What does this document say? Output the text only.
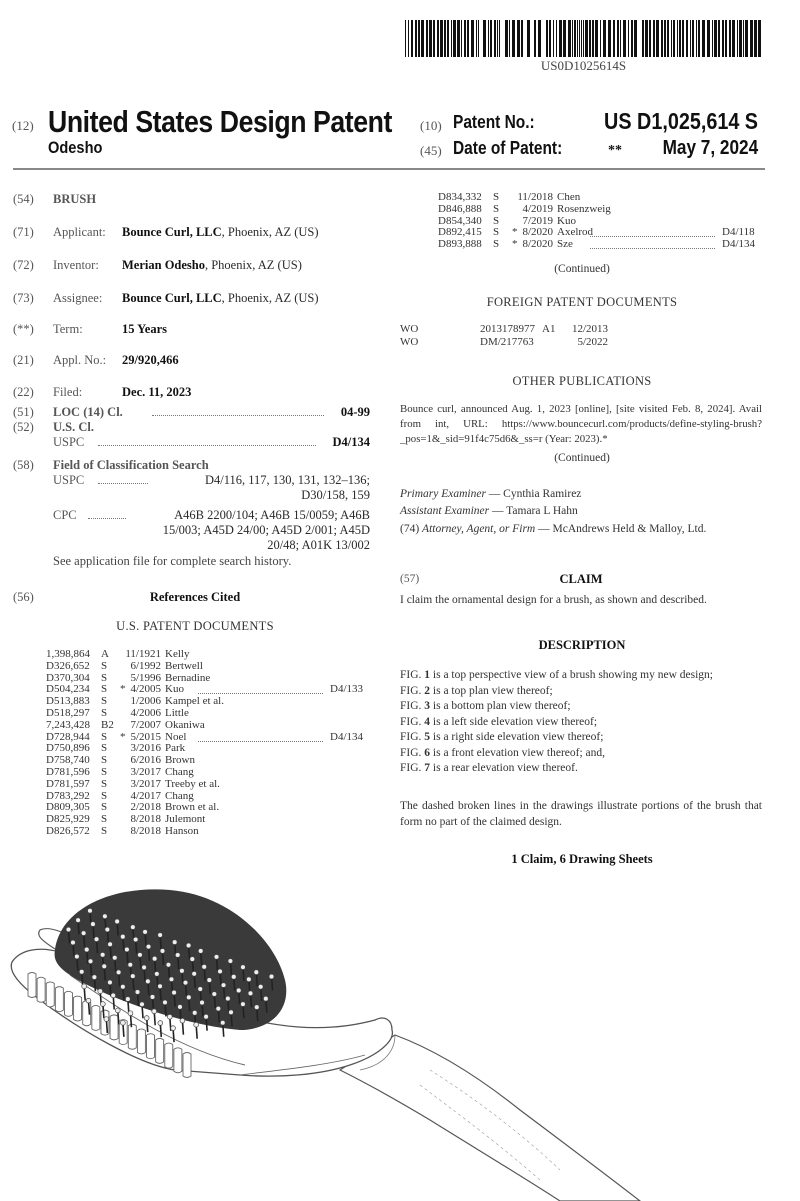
US0D1025614S
(12) United States Design Patent
Odesho
(10) Patent No.:	US D1,025,614 S
(45) Date of Patent:	** May 7, 2024
(54) BRUSH
(71) Applicant: Bounce Curl, LLC, Phoenix, AZ (US)
(72) Inventor: Merian Odesho, Phoenix, AZ (US)
(73) Assignee: Bounce Curl, LLC, Phoenix, AZ (US)
(**) Term:	15 Years
(21) Appl. No.: 29/920,466
(22) Filed:	Dec. 11, 2023
(51) LOC (14) Cl.	04-99
(52) U.S. Cl.
USPC	D4/134
(58) Field of Classification Search
USPC	D4/116, 117, 130, 131, 132–136;
D30/158, 159
CPC	A46B 2200/104; A46B 15/0059; A46B
15/003; A45D 24/00; A45D 2/001; A45D
20/48; A01K 13/002
See application file for complete search history.
(56)	References Cited
U.S. PATENT DOCUMENTS
1,398,864 A 11/1921 Kelly
D326,652 S	6/1992 Bertwell
D370,304 S	5/1996 Bernadine
D504,234 S * 4/2005 Kuo	D4/133
D513,883 S	1/2006 Kampel et al.
D518,297 S	4/2006 Little
7,243,428 B2	7/2007 Okaniwa
D728,944 S * 5/2015 Noel	D4/134
D750,896 S	3/2016 Park
D758,740 S	6/2016 Brown
D781,596 S	3/2017 Chang
D781,597 S	3/2017 Treeby et al.
D783,292 S	4/2017 Chang
D809,305 S	2/2018 Brown et al.
D825,929 S	8/2018 Julemont
D826,572 S	8/2018 Hanson
D834,332 S 11/2018 Chen
D846,888 S	4/2019 Rosenzweig
D854,340 S	7/2019 Kuo
D892,415 S * 8/2020 Axelrod	D4/118
D893,888 S * 8/2020 Sze	D4/134
(Continued)
FOREIGN PATENT DOCUMENTS
WO	2013178977 A1	12/2013
WO	DM/217763	5/2022
OTHER PUBLICATIONS
Bounce curl, announced Aug. 1, 2023 [online], [site visited Feb. 8, 2024]. Avail from int, URL: https://www.bouncecurl.com/products/define-styling-brush?_pos=1&_sid=91f4c75d6&_ss=r (Year: 2023).*
(Continued)
Primary Examiner — Cynthia Ramirez
Assistant Examiner — Tamara L Hahn
(74) Attorney, Agent, or Firm — McAndrews Held & Malloy, Ltd.
(57)	CLAIM
I claim the ornamental design for a brush, as shown and described.
DESCRIPTION
FIG. 1 is a top perspective view of a brush showing my new design;
FIG. 2 is a top plan view thereof;
FIG. 3 is a bottom plan view thereof;
FIG. 4 is a left side elevation view thereof;
FIG. 5 is a right side elevation view thereof;
FIG. 6 is a front elevation view thereof; and,
FIG. 7 is a rear elevation view thereof.
The dashed broken lines in the drawings illustrate portions of the brush that form no part of the claimed design.
1 Claim, 6 Drawing Sheets
